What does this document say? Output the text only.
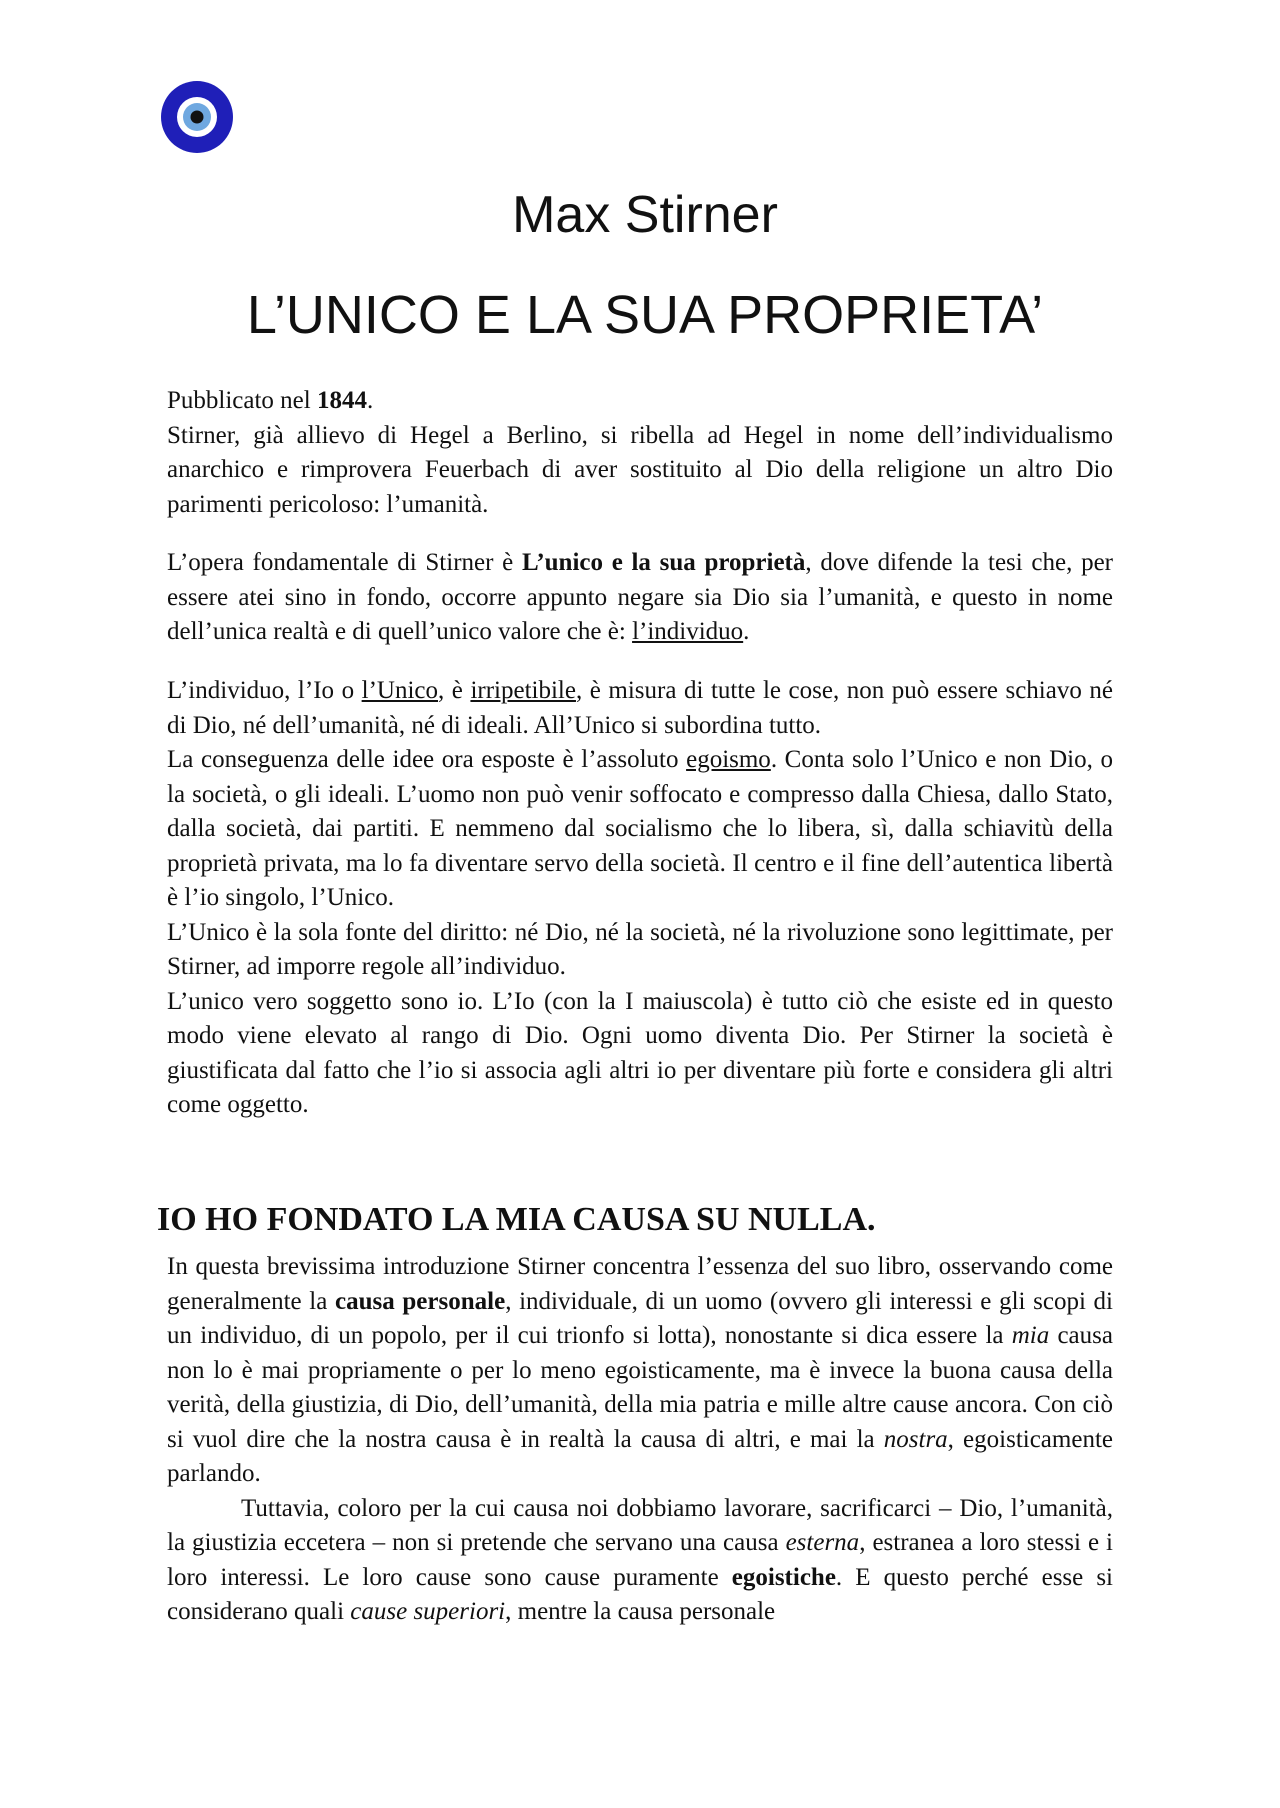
Max Stirner
L’UNICO E LA SUA PROPRIETA’

Pubblicato nel 1844.

Stirner, già allievo di Hegel a Berlino, si ribella ad Hegel in nome dell’individualismo anarchico e rimprovera Feuerbach di aver sostituito al Dio della religione un altro Dio parimenti pericoloso: l’umanità.

L’opera fondamentale di Stirner è L’unico e la sua proprietà, dove difende la tesi che, per essere atei sino in fondo, occorre appunto negare sia Dio sia l’umanità, e questo in nome dell’unica realtà e di quell’unico valore che è: l’individuo.

L’individuo, l’Io o l’Unico, è irripetibile, è misura di tutte le cose, non può essere schiavo né di Dio, né dell’umanità, né di ideali. All’Unico si subordina tutto.

La conseguenza delle idee ora esposte è l’assoluto egoismo. Conta solo l’Unico e non Dio, o la società, o gli ideali. L’uomo non può venir soffocato e compresso dalla Chiesa, dallo Stato, dalla società, dai partiti. E nemmeno dal socialismo che lo libera, sì, dalla schiavitù della proprietà privata, ma lo fa diventare servo della società. Il centro e il fine dell’autentica libertà è l’io singolo, l’Unico.

L’Unico è la sola fonte del diritto: né Dio, né la società, né la rivoluzione sono legittimate, per Stirner, ad imporre regole all’individuo.

L’unico vero soggetto sono io. L’Io (con la I maiuscola) è tutto ciò che esiste ed in questo modo viene elevato al rango di Dio. Ogni uomo diventa Dio. Per Stirner la società è giustificata dal fatto che l’io si associa agli altri io per diventare più forte e considera gli altri come oggetto.

IO HO FONDATO LA MIA CAUSA SU NULLA.

In questa brevissima introduzione Stirner concentra l’essenza del suo libro, osservando come generalmente la causa personale, individuale, di un uomo (ovvero gli interessi e gli scopi di un individuo, di un popolo, per il cui trionfo si lotta), nonostante si dica essere la mia causa non lo è mai propriamente o per lo meno egoisticamente, ma è invece la buona causa della verità, della giustizia, di Dio, dell’umanità, della mia patria e mille altre cause ancora. Con ciò si vuol dire che la nostra causa è in realtà la causa di altri, e mai la nostra, egoisticamente parlando.

Tuttavia, coloro per la cui causa noi dobbiamo lavorare, sacrificarci – Dio, l’umanità, la giustizia eccetera – non si pretende che servano una causa esterna, estranea a loro stessi e i loro interessi. Le loro cause sono cause puramente egoistiche. E questo perché esse si considerano quali cause superiori, mentre la causa personale
